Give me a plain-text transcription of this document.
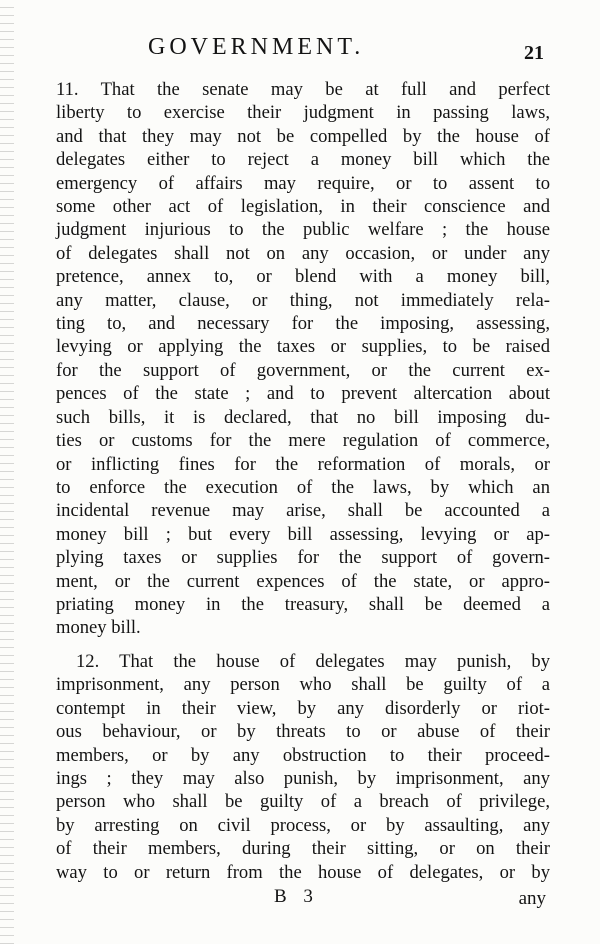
GOVERNMENT.	21
11. That the senate may be at full and perfect
liberty to exercise their judgment in passing laws,
and that they may not be compelled by the house of
delegates either to reject a money bill which the
emergency of affairs may require, or to assent to
some other act of legislation, in their conscience and
judgment injurious to the public welfare ; the house
of delegates shall not on any occasion, or under any
pretence, annex to, or blend with a money bill,
any matter, clause, or thing, not immediately rela-
ting to, and necessary for the imposing, assessing,
levying or applying the taxes or supplies, to be raised
for the support of government, or the current ex-
pences of the state ; and to prevent altercation about
such bills, it is declared, that no bill imposing du-
ties or customs for the mere regulation of commerce,
or inflicting fines for the reformation of morals, or
to enforce the execution of the laws, by which an
incidental revenue may arise, shall be accounted a
money bill ; but every bill assessing, levying or ap-
plying taxes or supplies for the support of govern-
ment, or the current expences of the state, or appro-
priating money in the treasury, shall be deemed a
money bill.
12. That the house of delegates may punish, by
imprisonment, any person who shall be guilty of a
contempt in their view, by any disorderly or riot-
ous behaviour, or by threats to or abuse of their
members, or by any obstruction to their proceed-
ings ; they may also punish, by imprisonment, any
person who shall be guilty of a breach of privilege,
by arresting on civil process, or by assaulting, any
of their members, during their sitting, or on their
way to or return from the house of delegates, or by
B 3	any
